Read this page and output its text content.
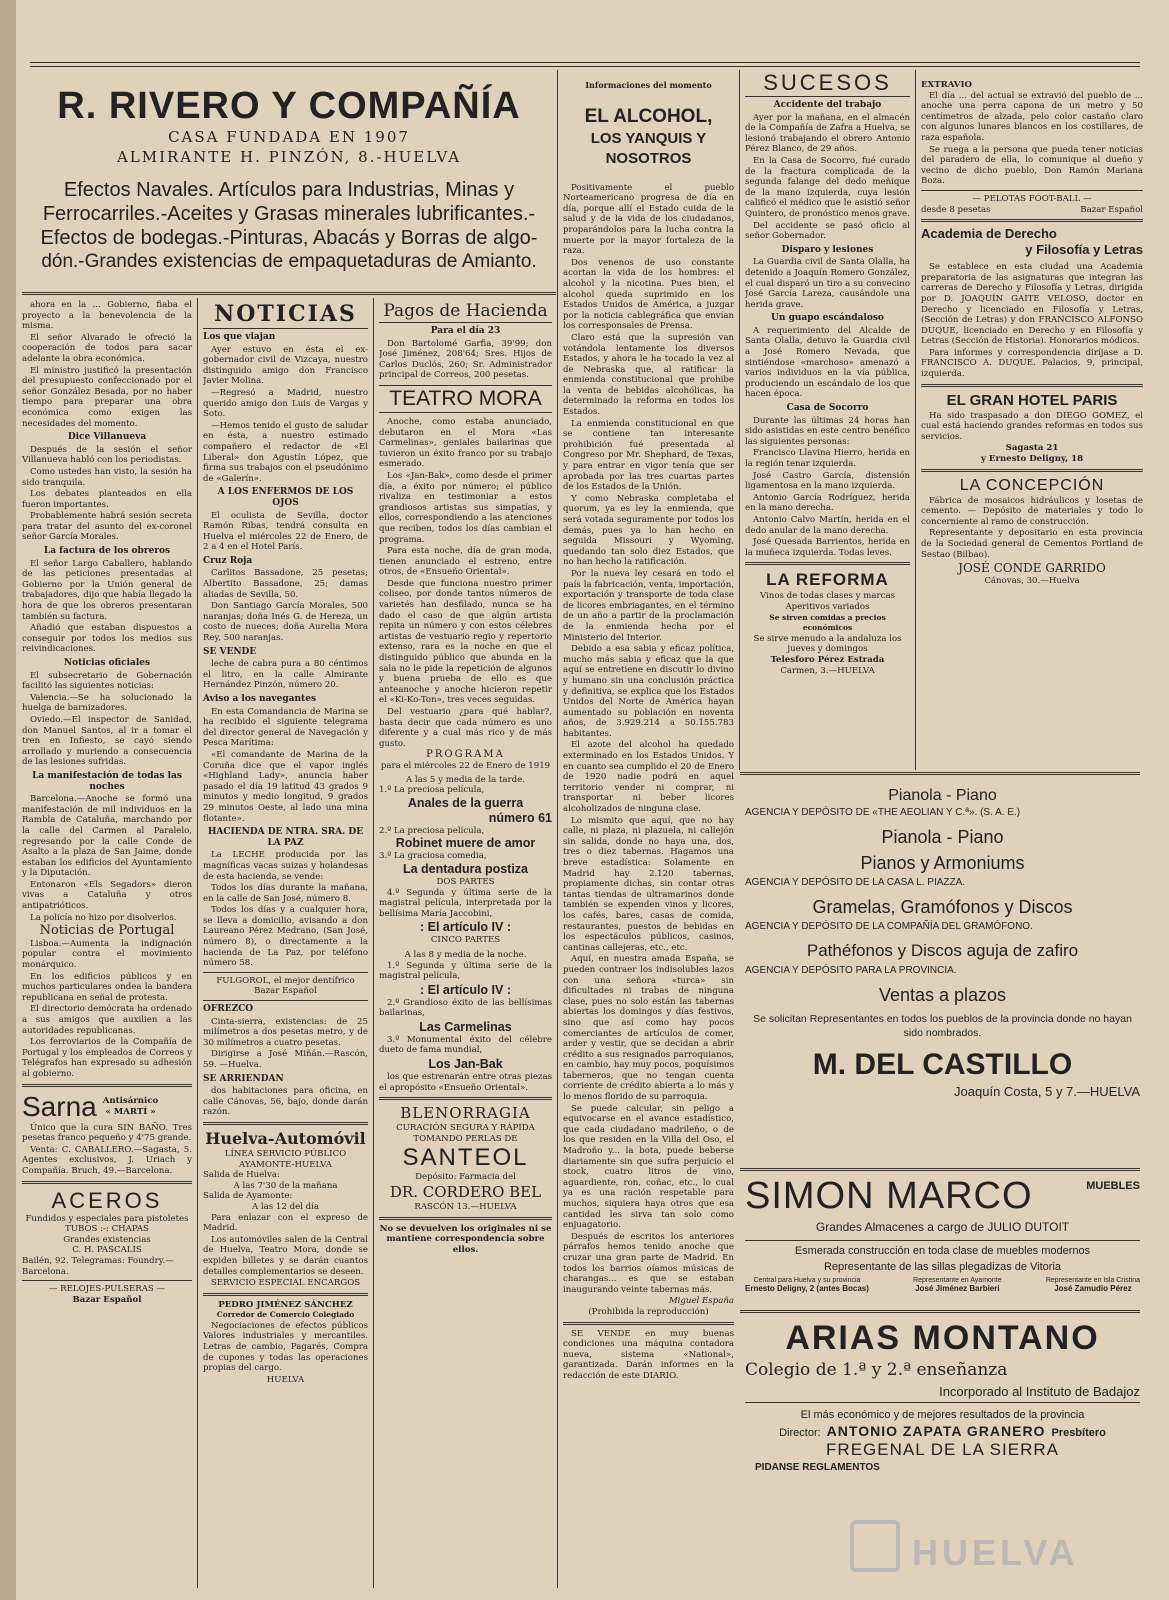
R. RIVERO Y COMPAÑÍA
CASA FUNDADA EN 1907
ALMIRANTE H. PINZÓN, 8.-HUELVA
Efectos Navales. Artículos para Industrias, Minas y
Ferrocarriles.-Aceites y Grasas minerales lubrificantes.-
Efectos de bodegas.-Pinturas, Abacás y Borras de algo-
dón.-Grandes existencias de empaquetaduras de Amianto.

ahora en la ... Gobierno, fiaba el proyecto a la benevolencia de la misma.

El señor Alvarado le ofreció la cooperación de todos para sacar adelante la obra económica.

El ministro justificó la presentación del presupuesto confeccionado por el señor González Besada, por no haber tiempo para preparar una obra económica como exigen las necesidades del momento.

Dice Villanueva

Después de la sesión el señor Villanueva habló con los periodistas.

Como ustedes han visto, la sesión ha sido tranquila.

Los debates planteados en ella fueron importantes.

Probablemente habrá sesión secreta para tratar del asunto del ex-coronel señor García Morales.

La factura de los obreros

El señor Largo Caballero, hablando de las peticiones presentadas al Gobierno por la Unión general de trabajadores, dijo que había llegado la hora de que los obreros presentaran también su factura.

Añadió que estaban dispuestos a conseguir por todos los medios sus reivindicaciones.

Noticias oficiales

El subsecretario de Gobernación facilitó las siguientes noticias:

Valencia.—Se ha solucionado la huelga de barnizadores.

Oviedo.—El inspector de Sanidad, don Manuel Santos, al ir a tomar el tren en Infiesto, se cayó siendo arrollado y muriendo a consecuencia de las lesiones sufridas.

La manifestación de todas las noches

Barcelona.—Anoche se formó una manifestación de mil individuos en la Rambla de Cataluña, marchando por la calle del Carmen al Paralelo, regresando por la calle Conde de Asalto a la plaza de San Jaime, donde estaban los edificios del Ayuntamiento y la Diputación.

Entonaron «Els Segadors» dieron vivas a Cataluña y otros antipatrióticos.

La policía no hizo por disolverlos.

Noticias de Portugal

Lisboa.—Aumenta la indignación popular contra el movimiento monárquico.

En los edificios públicos y en muchos particulares ondea la bandera republicana en señal de protesta.

El directorio demócrata ha ordenado a sus amigos que auxilien a las autoridades republicanas.

Los ferroviarios de la Compañía de Portugal y los empleados de Correos y Telégrafos han expresado su adhesión al gobierno.

Sarna Antisárnico
« MARTÍ »

Único que la cura SIN BAÑO. Tres pesetas franco pequeño y 4'75 grande.

Venta: C. CABALLERO.—Sagasta, 5. Agentes exclusivos, J. Uriach y Compañía. Bruch, 49.—Barcelona.

ACEROS
Fundidos y especiales para pistoletes
TUBOS :-: CHAPAS
Grandes existencias
C. H. PASCALIS
Bailén, 92. Telegramas: Foundry.— Barcelona.
— RELOJES-PULSERAS —
Bazar Español
NOTICIAS
Los que viajan

Ayer estuvo en ésta el ex-gobernador civil de Vizcaya, nuestro distinguido amigo don Francisco Javier Molina.

—Regresó a Madrid, nuestro querido amigo don Luis de Vargas y Soto.

—Hemos tenido el gusto de saludar en ésta, a nuestro estimado compañero el redactor de «El Liberal» don Agustín López, que firma sus trabajos con el pseudónimo de «Galerín».

A LOS ENFERMOS DE LOS OJOS

El oculista de Sevilla, doctor Ramón Ribas, tendrá consulta en Huelva el miércoles 22 de Enero, de 2 a 4 en el Hotel París.

Cruz Roja

Carlitos Bassadone, 25 pesetas; Albertito Bassadone, 25; damas aliadas de Sevilla, 50.

Don Santiago García Morales, 500 naranjas; doña Inés G. de Hereza, un costo de nueces; doña Aurelia Mora Rey, 500 naranjas.

SE VENDE

leche de cabra pura a 80 céntimos el litro, en la calle Almirante Hernández Pinzón, número 20.

Aviso a los navegantes

En esta Comandancia de Marina se ha recibido el siguiente telegrama del director general de Navegación y Pesca Marítima:

«El comandante de Marina de la Coruña dice que el vapor inglés «Highland Lady», anuncia haber pasado el día 19 latitud 43 grados 9 minutos y medio longitud, 9 grados 29 minutos Oeste, al lado una mina flotante».

HACIENDA DE NTRA. SRA. DE LA PAZ

La LECHE producida por las magníficas vacas suizas y holandesas de esta hacienda, se vende:

Todos los días durante la mañana, en la calle de San José, número 8.

Todos los días y a cualquier hora, se lleva a domicilio, avisando a don Laureano Pérez Medrano, (San José, número 8), o directamente a la hacienda de La Paz, por teléfono número 58.

FULGOROL, el mejor dentífrico
Bazar Español
OFREZCO

Cinta-sierra, existencias: de 25 milímetros a dos pesetas metro, y de 30 milímetros a cuatro pesetas.

Dirigirse a José Miñán.—Rascón, 59. —Huelva.

SE ARRIENDAN

dos habitaciones para oficina, en calle Cánovas, 56, bajo, donde darán razón.

Huelva-Automóvil
LÍNEA SERVICIO PÚBLICO
AYAMONTE-HUELVA
Salida de Huelva:
A las 7'30 de la mañana
Salida de Ayamonte:
A las 12 del día

Para enlazar con el expreso de Madrid.

Los automóviles salen de la Central de Huelva, Teatro Mora, donde se expiden billetes y se darán cuantos detalles complementarios se deseen.

SERVICIO ESPECIAL ENCARGOS
PEDRO JIMÉNEZ SÁNCHEZ
Corredor de Comercio Colegiado

Negociaciones de efectos públicos Valores industriales y mercantiles. Letras de cambio, Pagarés, Compra de cupones y todas las operaciones propias del cargo.

HUELVA
Pagos de Hacienda
Para el día 23

Don Bartolomé Garfia, 39'99; don José Jiménez, 208'64; Sres. Hijos de Carlos Duclós, 260; Sr. Administrador principal de Correos, 200 pesetas.

TEATRO MORA

Anoche, como estaba anunciado, debutaron en el Mora «Las Carmelinas», geniales bailarinas que tuvieron un éxito franco por su trabajo esmerado.

Los «Jan-Bak», como desde el primer día, a éxito por número; el público rivaliza en testimoniar a estos grandiosos artistas sus simpatías, y ellos, correspondiendo a las atenciones que reciben, todos los días cambian el programa.

Para esta noche, día de gran moda, tienen anunciado el estreno, entre otros, de «Ensueño Oriental».

Desde que funciona nuestro primer coliseo, por donde tantos números de varietés han desfilado, nunca se ha dado el caso de que algún artista repita un número y con estos célebres artistas de vestuario regio y repertorio extenso, rara es la noche en que el distinguido público que abunda en la sala no le pide la repetición de algunos y buena prueba de ello es que anteanoche y anoche hicieron repetir el «Ki-Ko-Ton», tres veces seguidas.

Del vestuario ¿para qué hablar?, basta decir que cada número es uno diferente y a cual más rico y de más gusto.

PROGRAMA
para el miércoles 22 de Enero de 1919
A las 5 y media de la tarde.
1.º La preciosa película,
Anales de la guerra
número 61
2.º La preciosa película,
Robinet muere de amor
3.º La graciosa comedia,
La dentadura postiza
DOS PARTES

4.º Segunda y última serie de la magistral película, interpretada por la bellísima María Jaccobini,

: El artículo IV :
CINCO PARTES
A las 8 y media de la noche.

1.º Segunda y última serie de la magistral película,

: El artículo IV :

2.º Grandioso éxito de las bellísimas bailarinas,

Las Carmelinas

3.º Monumental éxito del célebre dueto de fama mundial,

Los Jan-Bak

los que estrenarán entre otras piezas el apropósito «Ensueño Oriental».

BLENORRAGIA
CURACIÓN SEGURA Y RÁPIDA
TOMANDO PERLAS DE
SANTEOL
Depósito: Farmacia del
DR. CORDERO BEL
RASCÓN 13.—HUELVA
No se devuelven los originales ni se mantiene correspondencia sobre ellos.
Informaciones del momento
EL ALCOHOL,
LOS YANQUIS Y NOSOTROS

Positivamente el pueblo Norteamericano progresa de día en día, porque allí el Estado cuida de la salud y de la vida de los ciudadanos, proparándolos para la lucha contra la muerte por la mayor fortaleza de la raza.

Dos venenos de uso constante acortan la vida de los hombres: el alcohol y la nicotina. Pues bien, el alcohol queda suprimido en los Estados Unidos de América, a juzgar por la noticia cablegráfica que envían los corresponsales de Prensa.

Claro está que la supresión van votándola lentamente los diversos Estados, y ahora le ha tocado la vez al de Nebraska que, al ratificar la enmienda constitucional que prohibe la venta de bebidas alcohólicas, ha determinado la reforma en todos los Estados.

La enmienda constitucional en que se contiene tan interesante prohibición fué presentada al Congreso por Mr. Shephard, de Texas, y para entrar en vigor tenía que ser aprobada por las tres cuartas partes de los Estados de la Unión.

Y como Nebraska completaba el quorum, ya es ley la enmienda, que será votada seguramente por todos los demás, pues ya lo han hecho en seguida Missouri y Wyoming, quedando tan solo diez Estados, que no han hecho la ratificación.

Por la nueva ley cesará en todo el país la fabricación, venta, importación, exportación y transporte de toda clase de licores embriagantes, en el término de un año a partir de la proclamación de la enmienda hecha por el Ministerio del Interior.

Debido a esa sabia y eficaz política, mucho más sabia y eficaz que la que aquí se entretiene en discutir lo divino y humano sin una conclusión práctica y definitiva, se explica que los Estados Unidos del Norte de América hayan aumentado su población en noventa años, de 3.929.214 a 50.155.783 habitantes.

El azote del alcohol ha quedado exterminado en los Estados Unidos. Y en cuanto sea cumplido el 20 de Enero de 1920 nadie podrá en aquel territorio vender ni comprar, ni transportar ni beber licores alcoholizados de ninguna clase.

Lo mismito que aquí, que no hay calle, ni plaza, ni plazuela, ni callejón sin salida, donde no haya una, dos, tres o diez tabernas. Hagamos una breve estadística: Solamente en Madrid hay 2.120 tabernas, propiamente dichas, sin contar otras tantas tiendas de ultramarinos donde también se expenden vinos y licores, los cafés, bares, casas de comida, restaurantes, puestos de bebidas en los espectáculos públicos, casinos, cantinas callejeras, etc., etc.

Aquí, en nuestra amada España, se pueden contraer los indisolubles lazos con una señora «turca» sin dificultades ni trabas de ninguna clase, pues no solo están las tabernas abiertas los domingos y días festivos, sino que así como hay pocos comerciantes de artículos de comer, arder y vestir, que se decidan a abrir crédito a sus resignados parroquianos, en cambio, hay muy pocos, poquísimos taberneros, que no tengan cuenta corriente de crédito abierta a lo más y lo menos florido de su parroquia.

Se puede calcular, sin peligo a equivocarse en el avance estadístico, que cada ciudadano madrileño, o de los que residen en la Villa del Oso, el Madroño y... la bota, puede beberse diariamente sin que sufra perjuicio el stock, cuatro litros de vino, aguardiente, ron, coñac, etc., lo cual ya es una ración respetable para muchos, siquiera haya otros que esa cantidad les sirva tan solo como enjuagatorio.

Después de escritos los anteriores párrafos hemos tenido anoche que cruzar una gran parte de Madrid. En todos los barrios oíamos músicas de charangas... es que se estaban inaugurando veinte tabernas más.

Miguel España
(Prohibida la reproducción)

SE VENDE en muy buenas condiciones una máquina contadora nueva, sistema «National», garantizada. Darán informes en la redacción de este DIARIO.

SUCESOS
Accidente del trabajo

Ayer por la mañana, en el almacén de la Compañía de Zafra a Huelva, se lesionó trabajando el obrero Antonio Pérez Blanco, de 29 años.

En la Casa de Socorro, fué curado de la fractura complicada de la segunda falange del dedo meñique de la mano izquierda, cuya lesión calificó el médico que le asistió señor Quintero, de pronóstico menos grave.

Del accidente se pasó oficio al señor Gobernador.

Disparo y lesiones

La Guardia civil de Santa Olalla, ha detenido a Joaquín Romero González, el cual disparó un tiro a su convecino José García Lareza, causándole una herida grave.

Un guapo escándaloso

A requerimiento del Alcalde de Santa Olalla, detuvo la Guardia civil a José Romero Nevada, que sintiéndose «marchoso» amenazó a varios individuos en la vía pública, produciendo un escándalo de los que hacen época.

Casa de Socorro

Durante las últimas 24 horas han sido asistidas en este centro benéfico las siguientes personas:

Francisco Llavina Hierro, herida en la región tenar izquierda.

José Castro García, distensión ligamentosa en la mano izquierda.

Antonio García Rodríguez, herida en la mano derecha.

Antonio Calvo Martín, herida en el dedo anular de la mano derecha.

José Quesada Barrientos, herida en la muñeca izquierda. Todas leves.

LA REFORMA
Vinos de todas clases y marcas
Aperitivos variados
Se sirven comidas a precios económicos
Se sirve menudo a la andaluza los jueves y domingos
Telesforo Pérez Estrada
Carmen, 3.—HUELVA
EXTRAVIO

El día ... del actual se extravió del pueblo de ... anoche una perra capona de un metro y 50 centímetros de alzada, pelo color castaño claro con algunos lunares blancos en los costillares, de raza española.

Se ruega a la persona que pueda tener noticias del paradero de ella, lo comunique al dueño y vecino de dicho pueblo, Don Ramón Mariana Boza.

— PELOTAS FOOT-BALL —
desde 8 pesetas	Bazar Español
Academia de Derecho
y Filosofía y Letras

Se establece en esta ciudad una Academia preparatoria de las asignaturas que integran las carreras de Derecho y Filosofía y Letras, dirigida por D. JOAQUÍN GAITE VELOSO, doctor en Derecho y licenciado en Filosofía y Letras, (Sección de Letras) y don FRANCISCO ALFONSO DUQUE, licenciado en Derecho y en Filosofía y Letras (Sección de Historia). Honorarios módicos.

Para informes y correspondencia diríjase a D. FRANCISCO A. DUQUE. Palacios, 9, principal, izquierda.

EL GRAN HOTEL PARIS

Ha sido traspasado a don DIEGO GOMEZ, el cual está haciendo grandes reformas en todos sus servicios.

Sagasta 21
y Ernesto Deligny, 18
LA CONCEPCIÓN

Fábrica de mosaicos hidráulicos y losetas de cemento. — Depósito de materiales y todo lo concerniente al ramo de construcción.

Representante y depositario en esta provincia de la Sociedad general de Cementos Portland de Sestao (Bilbao).

JOSÉ CONDE GARRIDO
Cánovas, 30.—Huelva
Pianola - Piano
AGENCIA Y DEPÓSITO DE «THE AEOLIAN Y C.ª». (S. A. E.)
Pianola - Piano
Pianos y Armoniums
AGENCIA Y DEPÓSITO DE LA CASA L. PIAZZA.
Gramelas, Gramófonos y Discos
AGENCIA Y DEPÓSITO DE LA COMPAÑÍA DEL GRAMÓFONO.
Pathéfonos y Discos aguja de zafiro
AGENCIA Y DEPÓSITO PARA LA PROVINCIA.
Ventas a plazos
Se solicitan Representantes en todos los pueblos de la provincia donde no hayan sido nombrados.
M. DEL CASTILLO
Joaquín Costa, 5 y 7.—HUELVA
SIMON MARCO	MUEBLES
Grandes Almacenes a cargo de JULIO DUTOIT
Esmerada construcción en toda clase de muebles modernos
Representante de las sillas plegadizas de Vitoria
Central para Huelva y su provincia
Ernesto Deligny, 2 (antes Bocas)
Representante en Ayamonte
José Jiménez Barbieri
Representante en Isla Cristina
José Zamudio Pérez
ARIAS MONTANO
Colegio de 1.ª y 2.ª enseñanza
Incorporado al Instituto de Badajoz
El más económico y de mejores resultados de la provincia
Director: ANTONIO ZAPATA GRANERO Presbítero
FREGENAL DE LA SIERRA
PIDANSE REGLAMENTOS
HUELVA
